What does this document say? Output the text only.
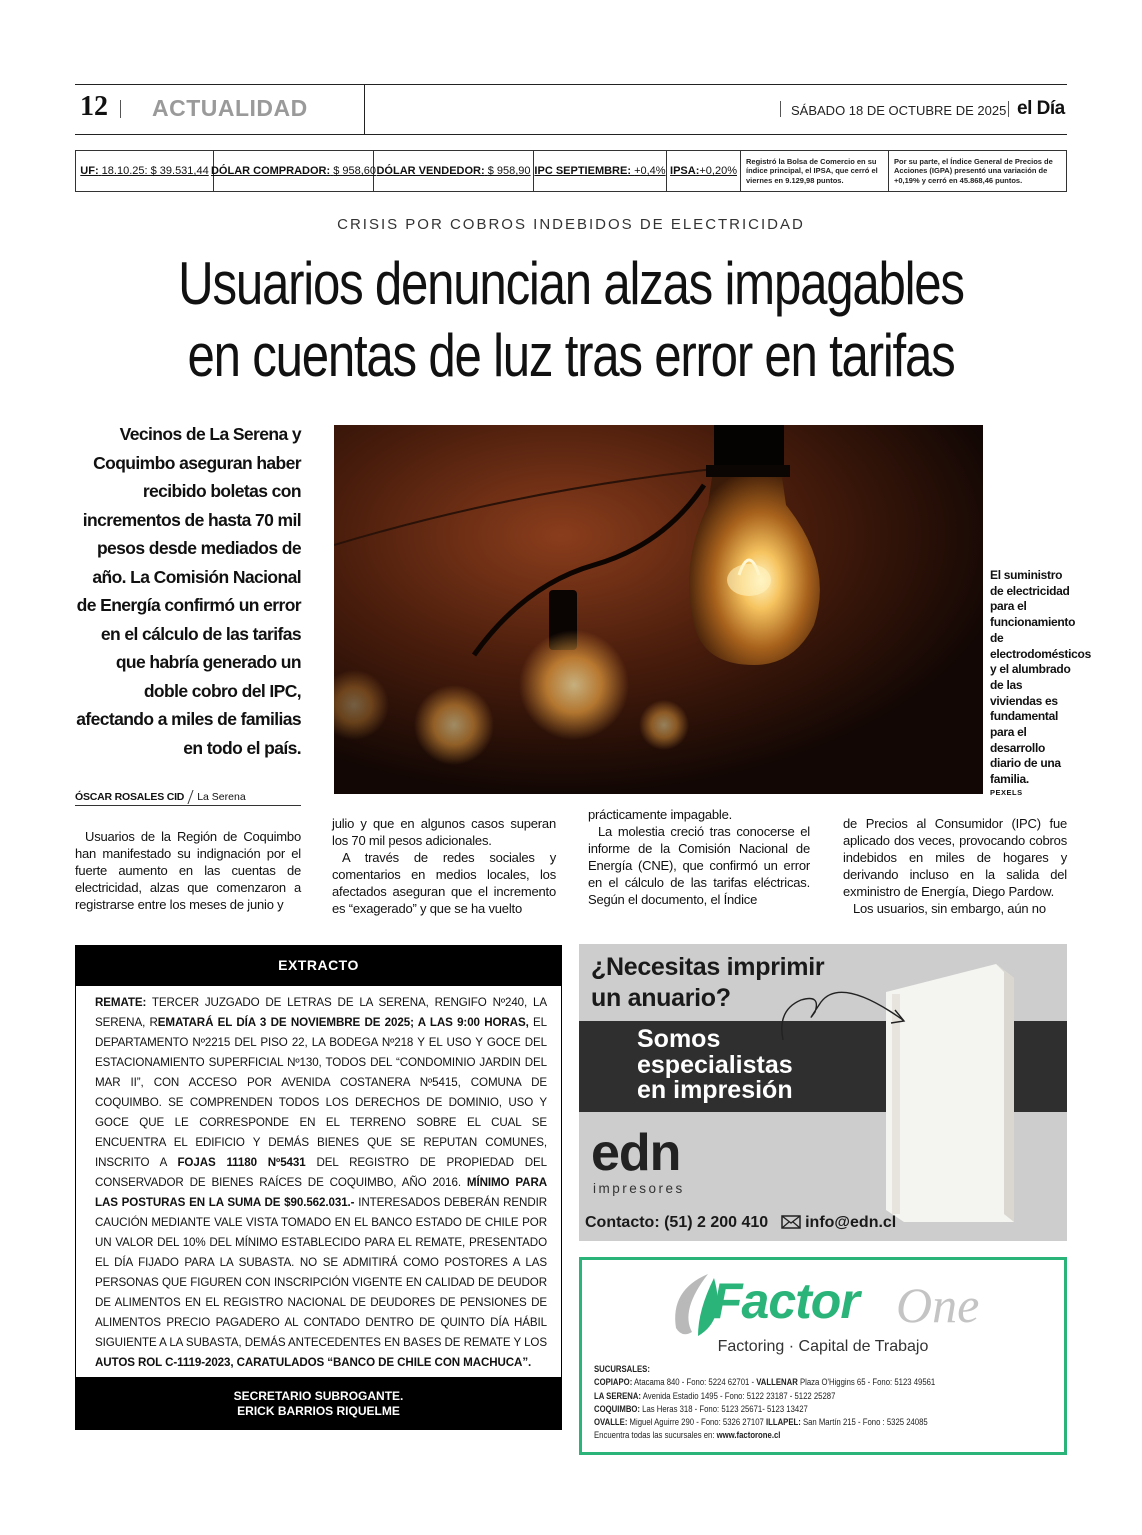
12 ACTUALIDAD	SÁBADO 18 DE OCTUBRE DE 2025 el Día
UF: 18.10.25: $ 39.531,44 DÓLAR COMPRADOR: $ 958,60 DÓLAR VENDEDOR: $ 958,90 IPC SEPTIEMBRE: +0,4% IPSA:+0,20%
Registró la Bolsa de Comercio en su índice principal, el IPSA, que cerró el viernes en 9.129,98 puntos.
Por su parte, el Índice General de Precios de Acciones (IGPA) presentó una variación de +0,19% y cerró en 45.868,46 puntos.
CRISIS POR COBROS INDEBIDOS DE ELECTRICIDAD
Usuarios denuncian alzas impagables
en cuentas de luz tras error en tarifas
Vecinos de La Serena y Coquimbo aseguran haber recibido boletas con incrementos de hasta 70 mil pesos desde mediados de año. La Comisión Nacional de Energía confirmó un error en el cálculo de las tarifas que habría generado un doble cobro del IPC, afectando a miles de familias en todo el país.
El suministro de electricidad para el funcionamiento de electrodomésticos y el alumbrado de las viviendas es fundamental para el desarrollo diario de una familia.
PEXELS
ÓSCAR ROSALES CID La Serena

Usuarios de la Región de Coquimbo han manifestado su indignación por el fuerte aumento en las cuentas de electricidad, alzas que comenzaron a registrarse entre los meses de junio y

julio y que en algunos casos superan los 70 mil pesos adicionales.

A través de redes sociales y comentarios en medios locales, los afectados aseguran que el incremento es “exagerado” y que se ha vuelto

prácticamente impagable.

La molestia creció tras conocerse el informe de la Comisión Nacional de Energía (CNE), que confirmó un error en el cálculo de las tarifas eléctricas. Según el documento, el Índice

de Precios al Consumidor (IPC) fue aplicado dos veces, provocando cobros indebidos en miles de hogares y derivando incluso en la salida del exministro de Energía, Diego Pardow.

Los usuarios, sin embargo, aún no

EXTRACTO
REMATE: TERCER JUZGADO DE LETRAS DE LA SERENA, RENGIFO Nº240, LA SERENA, REMATARÁ EL DÍA 3 DE NOVIEMBRE DE 2025; A LAS 9:00 HORAS, EL DEPARTAMENTO Nº2215 DEL PISO 22, LA BODEGA Nº218 Y EL USO Y GOCE DEL ESTACIONAMIENTO SUPERFICIAL Nº130, TODOS DEL “CONDOMINIO JARDIN DEL MAR II”, CON ACCESO POR AVENIDA COSTANERA Nº5415, COMUNA DE COQUIMBO. SE COMPRENDEN TODOS LOS DERECHOS DE DOMINIO, USO Y GOCE QUE LE CORRESPONDE EN EL TERRENO SOBRE EL CUAL SE ENCUENTRA EL EDIFICIO Y DEMÁS BIENES QUE SE REPUTAN COMUNES, INSCRITO A FOJAS 11180 Nº5431 DEL REGISTRO DE PROPIEDAD DEL CONSERVADOR DE BIENES RAÍCES DE COQUIMBO, AÑO 2016. MÍNIMO PARA LAS POSTURAS EN LA SUMA DE $90.562.031.- INTERESADOS DEBERÁN RENDIR CAUCIÓN MEDIANTE VALE VISTA TOMADO EN EL BANCO ESTADO DE CHILE POR UN VALOR DEL 10% DEL MÍNIMO ESTABLECIDO PARA EL REMATE, PRESENTADO EL DÍA FIJADO PARA LA SUBASTA. NO SE ADMITIRÁ COMO POSTORES A LAS PERSONAS QUE FIGUREN CON INSCRIPCIÓN VIGENTE EN CALIDAD DE DEUDOR DE ALIMENTOS EN EL REGISTRO NACIONAL DE DEUDORES DE PENSIONES DE ALIMENTOS PRECIO PAGADERO AL CONTADO DENTRO DE QUINTO DÍA HÁBIL SIGUIENTE A LA SUBASTA, DEMÁS ANTECEDENTES EN BASES DE REMATE Y LOS AUTOS ROL C-1119-2023, CARATULADOS “BANCO DE CHILE CON MACHUCA”.
SECRETARIO SUBROGANTE.
ERICK BARRIOS RIQUELME
¿Necesitas imprimir
un anuario?
Somos
especialistas
en impresión
edn
impresores
Contacto: (51) 2 200 410 info@edn.cl
Factor One
Factoring · Capital de Trabajo
SUCURSALES:
COPIAPO: Atacama 840 - Fono: 5224 62701 - VALLENAR Plaza O'Higgins 65 - Fono: 5123 49561
LA SERENA: Avenida Estadio 1495 - Fono: 5122 23187 - 5122 25287
COQUIMBO: Las Heras 318 - Fono: 5123 25671- 5123 13427
OVALLE: Miguel Aguirre 290 - Fono: 5326 27107 ILLAPEL: San Martín 215 - Fono : 5325 24085
Encuentra todas las sucursales en: www.factorone.cl
